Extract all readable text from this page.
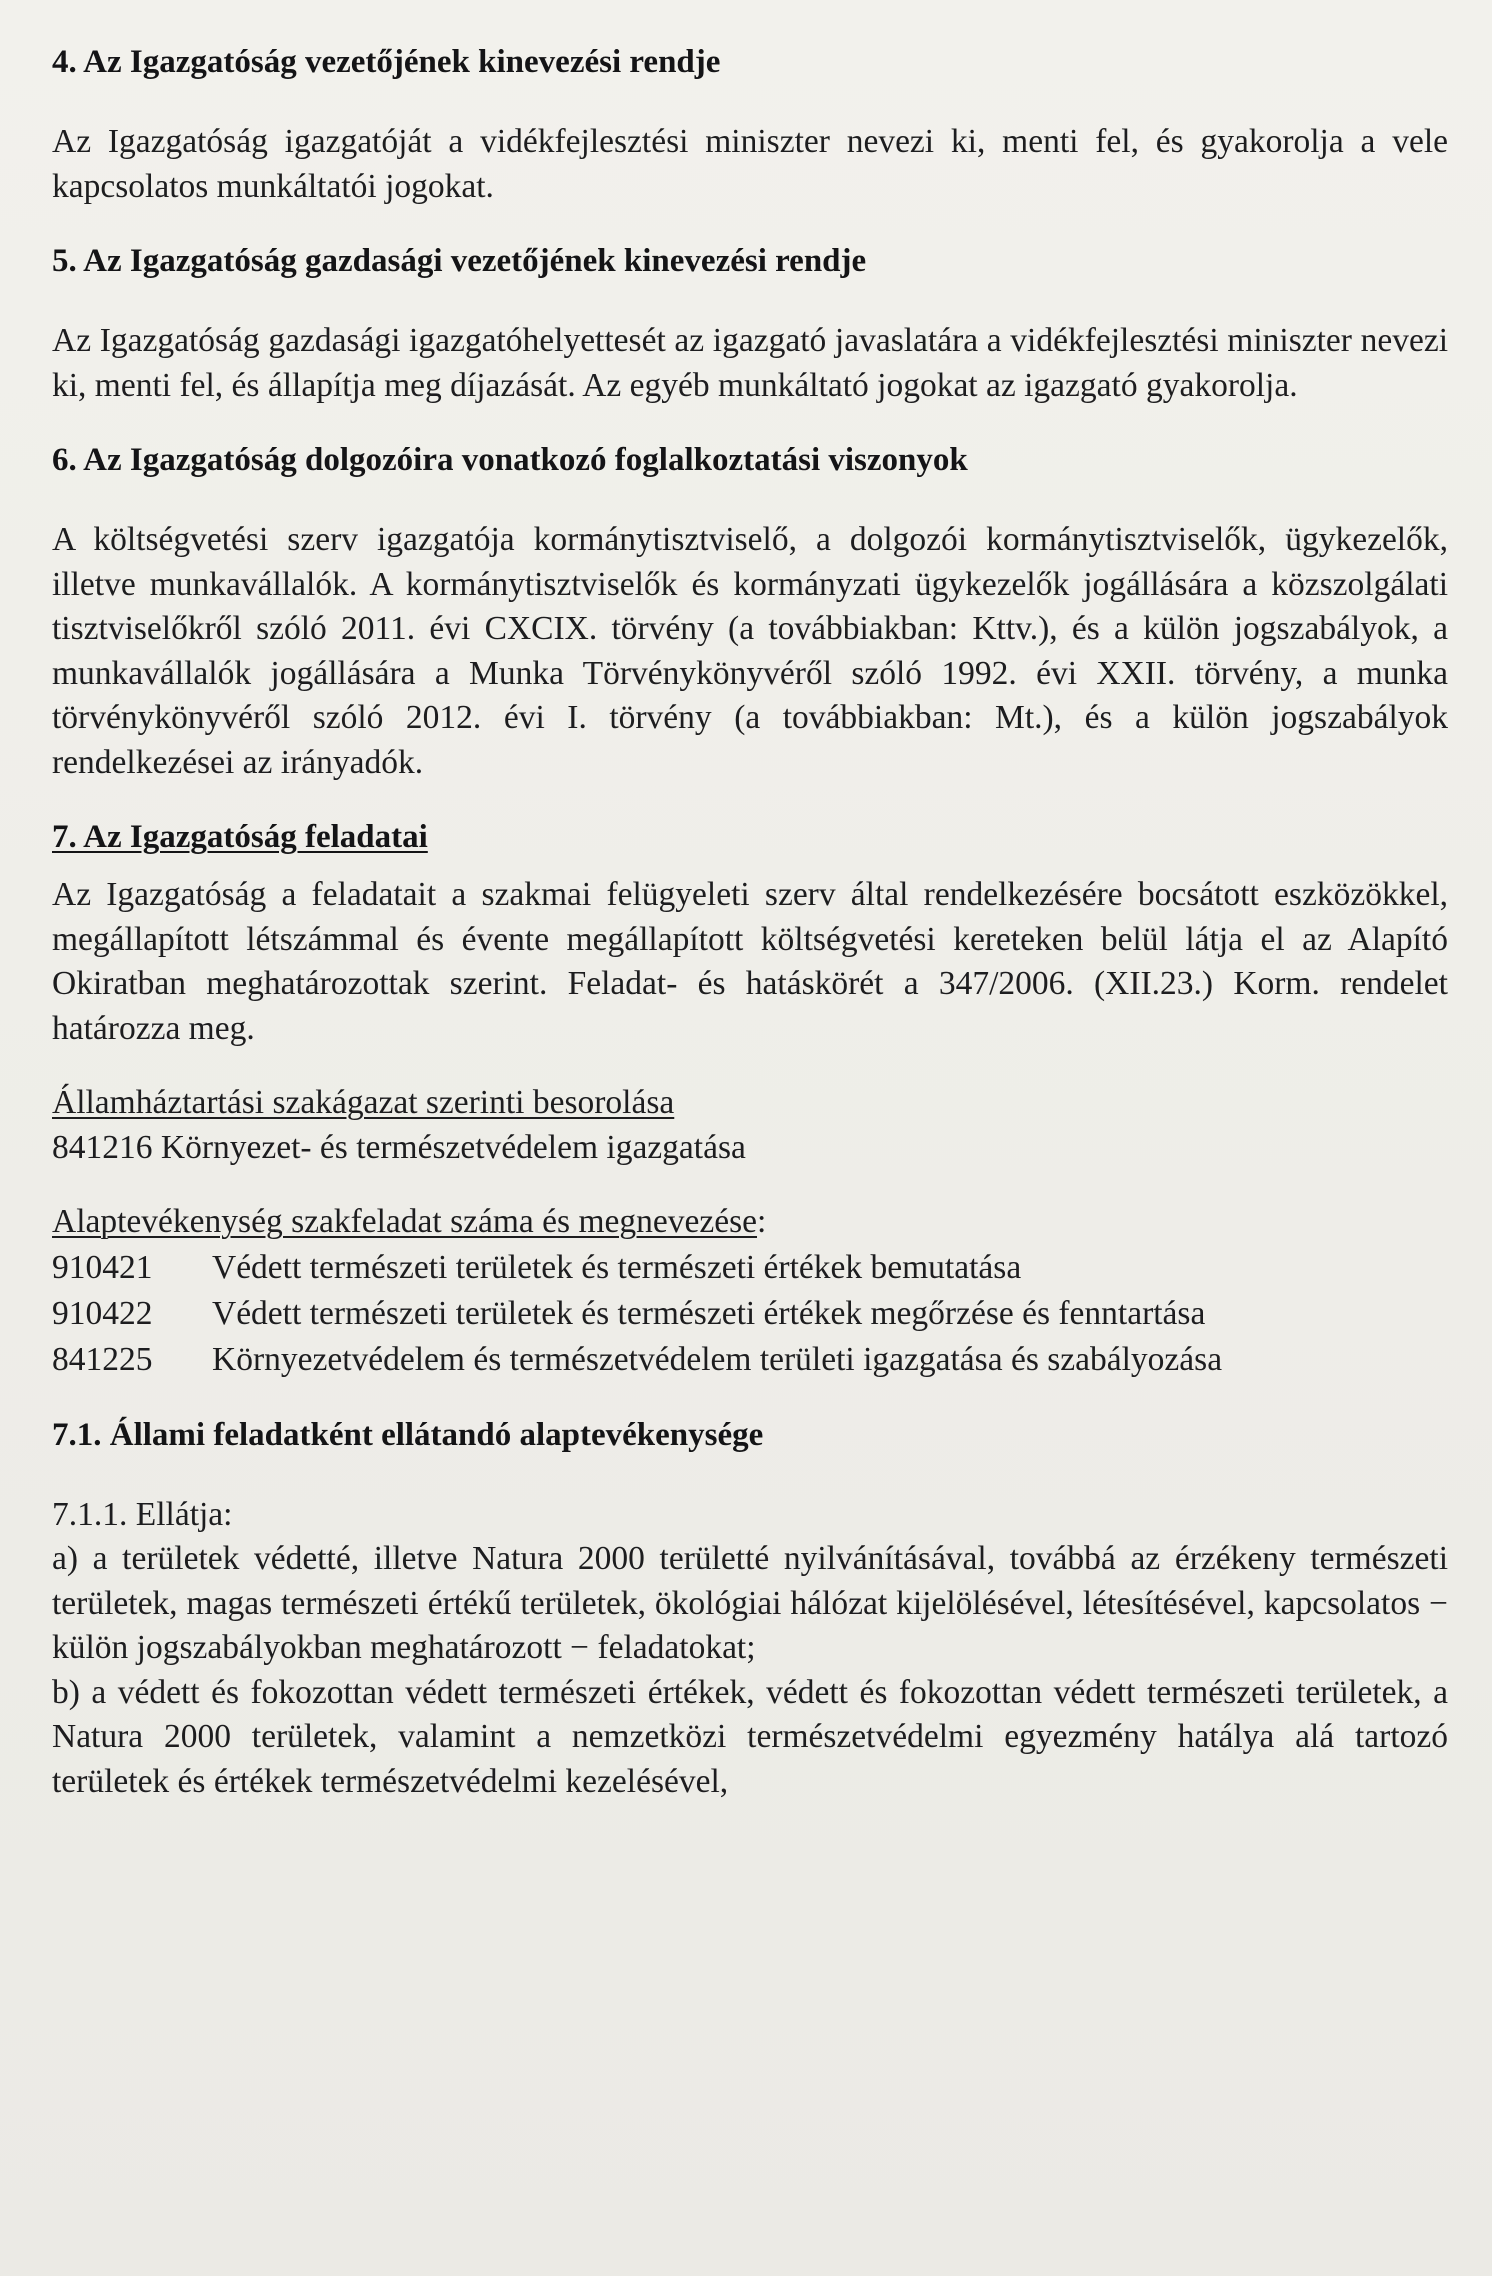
4. Az Igazgatóság vezetőjének kinevezési rendje

Az Igazgatóság igazgatóját a vidékfejlesztési miniszter nevezi ki, menti fel, és gyakorolja a vele kapcsolatos munkáltatói jogokat.

5. Az Igazgatóság gazdasági vezetőjének kinevezési rendje

Az Igazgatóság gazdasági igazgatóhelyettesét az igazgató javaslatára a vidékfejlesztési miniszter nevezi ki, menti fel, és állapítja meg díjazását. Az egyéb munkáltató jogokat az igazgató gyakorolja.

6. Az Igazgatóság dolgozóira vonatkozó foglalkoztatási viszonyok

A költségvetési szerv igazgatója kormánytisztviselő, a dolgozói kormánytisztviselők, ügykezelők, illetve munkavállalók. A kormánytisztviselők és kormányzati ügykezelők jogállására a közszolgálati tisztviselőkről szóló 2011. évi CXCIX. törvény (a továbbiakban: Kttv.), és a külön jogszabályok, a munkavállalók jogállására a Munka Törvénykönyvéről szóló 1992. évi XXII. törvény, a munka törvénykönyvéről szóló 2012. évi I. törvény (a továbbiakban: Mt.), és a külön jogszabályok rendelkezései az irányadók.

7. Az Igazgatóság feladatai

Az Igazgatóság a feladatait a szakmai felügyeleti szerv által rendelkezésére bocsátott eszközökkel, megállapított létszámmal és évente megállapított költségvetési kereteken belül látja el az Alapító Okiratban meghatározottak szerint. Feladat- és hatáskörét a 347/2006. (XII.23.) Korm. rendelet határozza meg.

Államháztartási szakágazat szerinti besorolása

841216 Környezet- és természetvédelem igazgatása

Alaptevékenység szakfeladat száma és megnevezése:

910421	Védett természeti területek és természeti értékek bemutatása
910422	Védett természeti területek és természeti értékek megőrzése és fenntartása
841225	Környezetvédelem és természetvédelem területi igazgatása és szabályozása

7.1. Állami feladatként ellátandó alaptevékenysége

7.1.1. Ellátja:

a) a területek védetté, illetve Natura 2000 területté nyilvánításával, továbbá az érzékeny természeti területek, magas természeti értékű területek, ökológiai hálózat kijelölésével, létesítésével, kapcsolatos − külön jogszabályokban meghatározott − feladatokat;

b) a védett és fokozottan védett természeti értékek, védett és fokozottan védett természeti területek, a Natura 2000 területek, valamint a nemzetközi természetvédelmi egyezmény hatálya alá tartozó területek és értékek természetvédelmi kezelésével,
